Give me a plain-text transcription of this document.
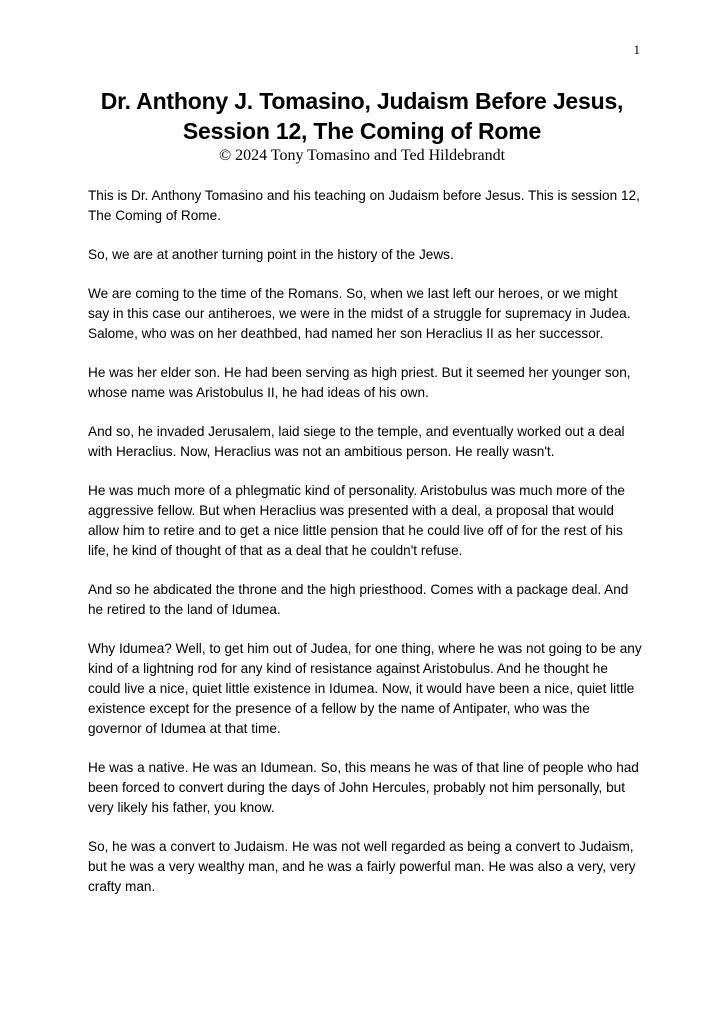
1
Dr. Anthony J. Tomasino, Judaism Before Jesus,
Session 12, The Coming of Rome
© 2024 Tony Tomasino and Ted Hildebrandt

This is Dr. Anthony Tomasino and his teaching on Judaism before Jesus. This is session 12, The Coming of Rome.

So, we are at another turning point in the history of the Jews.

We are coming to the time of the Romans. So, when we last left our heroes, or we might say in this case our antiheroes, we were in the midst of a struggle for supremacy in Judea. Salome, who was on her deathbed, had named her son Heraclius II as her successor.

He was her elder son. He had been serving as high priest. But it seemed her younger son, whose name was Aristobulus II, he had ideas of his own.

And so, he invaded Jerusalem, laid siege to the temple, and eventually worked out a deal with Heraclius. Now, Heraclius was not an ambitious person. He really wasn't.

He was much more of a phlegmatic kind of personality. Aristobulus was much more of the aggressive fellow. But when Heraclius was presented with a deal, a proposal that would allow him to retire and to get a nice little pension that he could live off of for the rest of his life, he kind of thought of that as a deal that he couldn't refuse.

And so he abdicated the throne and the high priesthood. Comes with a package deal. And he retired to the land of Idumea.

Why Idumea? Well, to get him out of Judea, for one thing, where he was not going to be any kind of a lightning rod for any kind of resistance against Aristobulus. And he thought he could live a nice, quiet little existence in Idumea. Now, it would have been a nice, quiet little existence except for the presence of a fellow by the name of Antipater, who was the governor of Idumea at that time.

He was a native. He was an Idumean. So, this means he was of that line of people who had been forced to convert during the days of John Hercules, probably not him personally, but very likely his father, you know.

So, he was a convert to Judaism. He was not well regarded as being a convert to Judaism, but he was a very wealthy man, and he was a fairly powerful man. He was also a very, very crafty man.
